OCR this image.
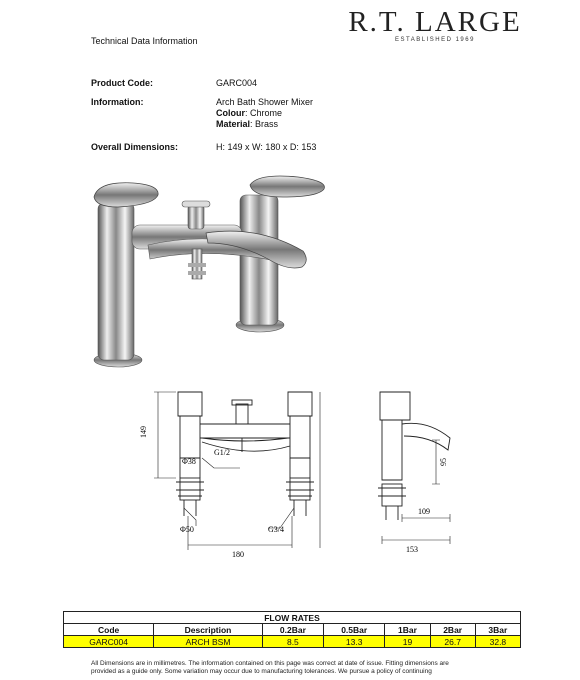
Technical Data Information
R.T. LARGE
ESTABLISHED 1969
Product Code:	GARC004
Information:	Arch Bath Shower Mixer
Colour: Chrome
Material: Brass
Overall Dimensions:	H: 149 x W: 180 x D: 153
149
Φ38
G1/2
Φ50	G3/4
180
95
109
153
FLOW RATES						
Code	Description	0.2Bar	0.5Bar	1Bar	2Bar	3Bar
GARC004	ARCH BSM	8.5	13.3	19	26.7	32.8
All Dimensions are in millimetres. The information contained on this page was correct at date of issue. Fitting dimensions are
provided as a guide only. Some variation may occur due to manufacturing tolerances. We pursue a policy of continuing
